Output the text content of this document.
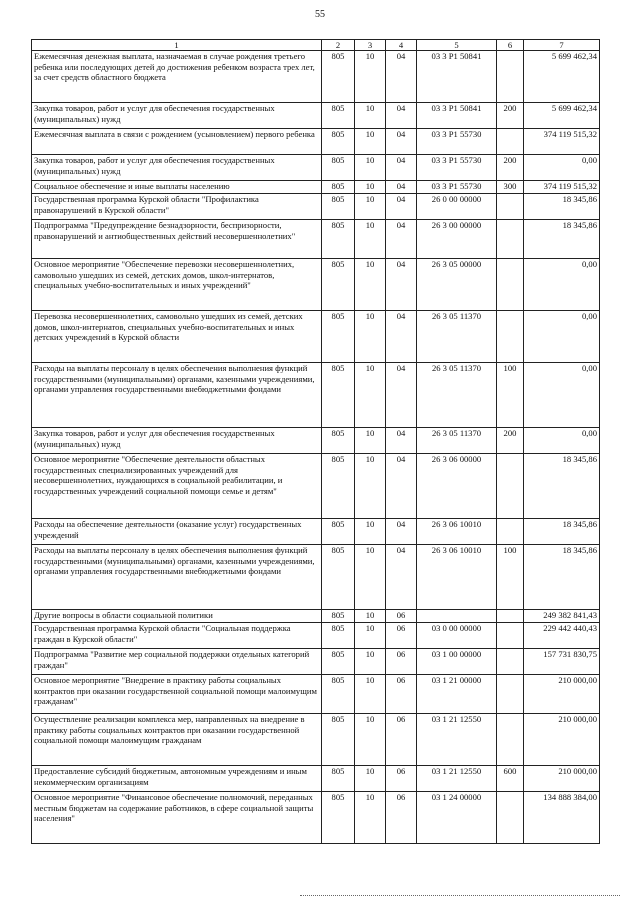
55
1	2	3	4	5	6	7
Ежемесячная денежная выплата, назначаемая в случае рождения третьего ребенка или последующих детей до достижения ребенком возраста трех лет, за счет средств областного бюджета	805	10	04	03 3 Р1 50841		5 699 462,34
Закупка товаров, работ и услуг для обеспечения государственных (муниципальных) нужд	805	10	04	03 3 Р1 50841	200	5 699 462,34
Ежемесячная выплата в связи с рождением (усыновлением) первого ребенка	805	10	04	03 3 Р1 55730		374 119 515,32
Закупка товаров, работ и услуг для обеспечения государственных (муниципальных) нужд	805	10	04	03 3 Р1 55730	200	0,00
Социальное обеспечение и иные выплаты населению	805	10	04	03 3 Р1 55730	300	374 119 515,32
Государственная программа Курской области "Профилактика правонарушений в Курской области"	805	10	04	26 0 00 00000		18 345,86
Подпрограмма "Предупреждение безнадзорности, беспризорности, правонарушений и антиобщественных действий несовершеннолетних"	805	10	04	26 3 00 00000		18 345,86
Основное мероприятие "Обеспечение перевозки несовершеннолетних, самовольно ушедших из семей, детских домов, школ-интернатов, специальных учебно-воспитательных и иных учреждений"	805	10	04	26 3 05 00000		0,00
Перевозка несовершеннолетних, самовольно ушедших из семей, детских домов, школ-интернатов, специальных учебно-воспитательных и иных детских учреждений в Курской области	805	10	04	26 3 05 11370		0,00
Расходы на выплаты персоналу в целях обеспечения выполнения функций государственными (муниципальными) органами, казенными учреждениями, органами управления государственными внебюджетными фондами	805	10	04	26 3 05 11370	100	0,00
Закупка товаров, работ и услуг для обеспечения государственных (муниципальных) нужд	805	10	04	26 3 05 11370	200	0,00
Основное мероприятие "Обеспечение деятельности областных государственных специализированных учреждений для несовершеннолетних, нуждающихся в социальной реабилитации, и государственных учреждений социальной помощи семье и детям"	805	10	04	26 3 06 00000		18 345,86
Расходы на обеспечение деятельности (оказание услуг) государственных учреждений	805	10	04	26 3 06 10010		18 345,86
Расходы на выплаты персоналу в целях обеспечения выполнения функций государственными (муниципальными) органами, казенными учреждениями, органами управления государственными внебюджетными фондами	805	10	04	26 3 06 10010	100	18 345,86
Другие вопросы в области социальной политики	805	10	06			249 382 841,43
Государственная программа Курской области "Социальная поддержка граждан в Курской области"	805	10	06	03 0 00 00000		229 442 440,43
Подпрограмма "Развитие мер социальной поддержки отдельных категорий граждан"	805	10	06	03 1 00 00000		157 731 830,75
Основное мероприятие "Внедрение в практику работы социальных контрактов при оказании государственной социальной помощи малоимущим гражданам"	805	10	06	03 1 21 00000		210 000,00
Осуществление реализации комплекса мер, направленных на внедрение в практику работы социальных контрактов при оказании государственной социальной помощи малоимущим гражданам	805	10	06	03 1 21 12550		210 000,00
Предоставление субсидий бюджетным, автономным учреждениям и иным некоммерческим организациям	805	10	06	03 1 21 12550	600	210 000,00
Основное мероприятие "Финансовое обеспечение полномочий, переданных местным бюджетам на содержание работников, в сфере социальной защиты населения"	805	10	06	03 1 24 00000		134 888 384,00
